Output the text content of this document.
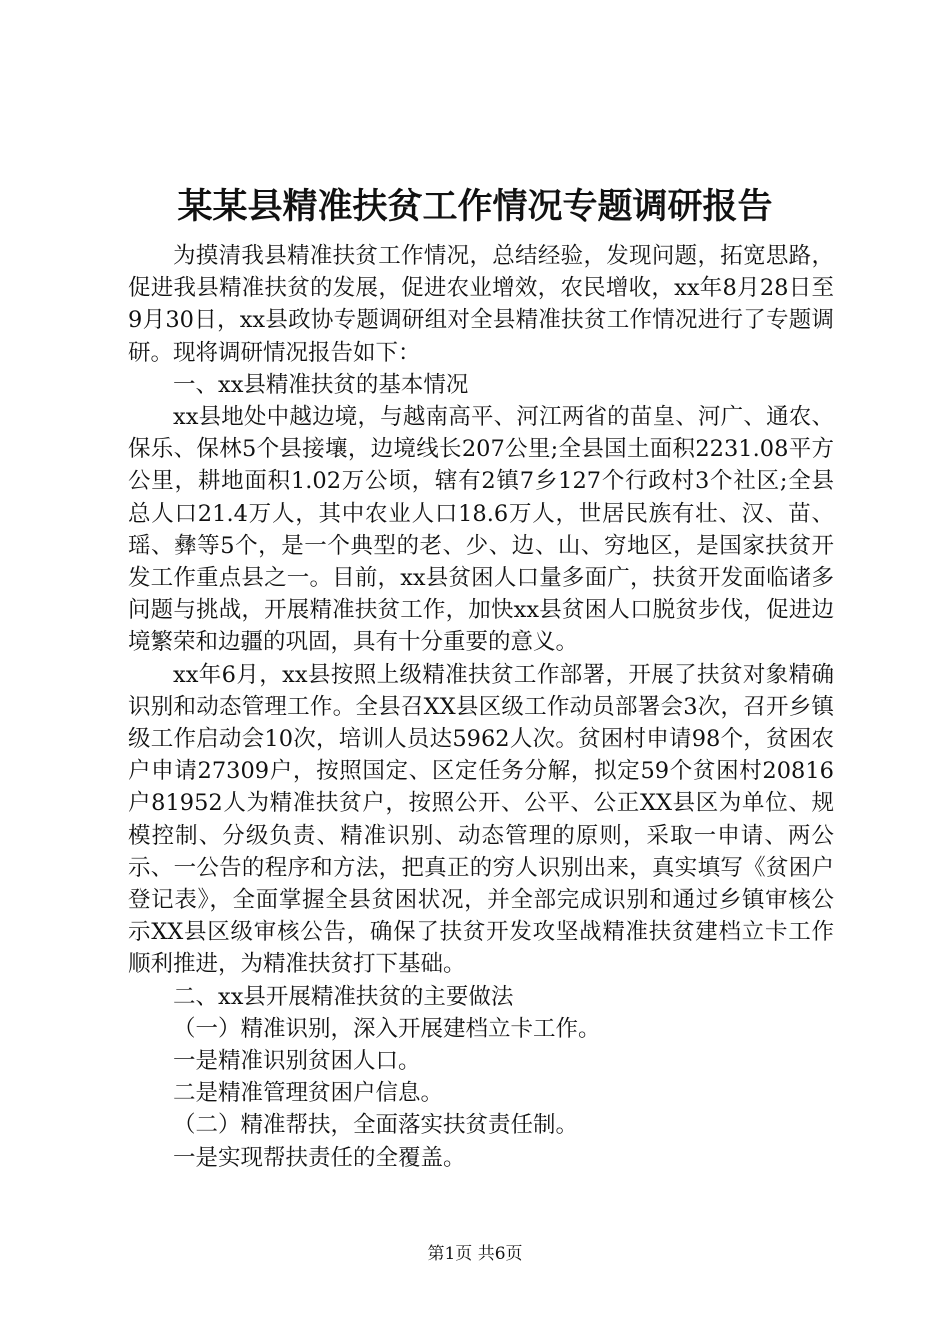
某某县精准扶贫工作情况专题调研报告

为摸清我县精准扶贫工作情况，总结经验，发现问题，拓宽思路，促进我县精准扶贫的发展，促进农业增效，农民增收，xx年8月28日至9月30日，xx县政协专题调研组对全县精准扶贫工作情况进行了专题调研。现将调研情况报告如下：

一、xx县精准扶贫的基本情况

xx县地处中越边境，与越南高平、河江两省的苗皇、河广、通农、保乐、保林5个县接壤，边境线长207公里;全县国土面积2231.08平方公里，耕地面积1.02万公顷，辖有2镇7乡127个行政村3个社区;全县总人口21.4万人，其中农业人口18.6万人，世居民族有壮、汉、苗、瑶、彝等5个，是一个典型的老、少、边、山、穷地区，是国家扶贫开发工作重点县之一。目前，xx县贫困人口量多面广，扶贫开发面临诸多问题与挑战，开展精准扶贫工作，加快xx县贫困人口脱贫步伐，促进边境繁荣和边疆的巩固，具有十分重要的意义。

xx年6月，xx县按照上级精准扶贫工作部署，开展了扶贫对象精确识别和动态管理工作。全县召XX县区级工作动员部署会3次，召开乡镇级工作启动会10次，培训人员达5962人次。贫困村申请98个，贫困农户申请27309户，按照国定、区定任务分解，拟定59个贫困村20816户81952人为精准扶贫户，按照公开、公平、公正XX县区为单位、规模控制、分级负责、精准识别、动态管理的原则，采取一申请、两公示、一公告的程序和方法，把真正的穷人识别出来，真实填写《贫困户登记表》，全面掌握全县贫困状况，并全部完成识别和通过乡镇审核公示XX县区级审核公告，确保了扶贫开发攻坚战精准扶贫建档立卡工作顺利推进，为精准扶贫打下基础。

二、xx县开展精准扶贫的主要做法

（一）精准识别，深入开展建档立卡工作。

一是精准识别贫困人口。

二是精准管理贫困户信息。

（二）精准帮扶，全面落实扶贫责任制。

一是实现帮扶责任的全覆盖。

第1页 共6页
